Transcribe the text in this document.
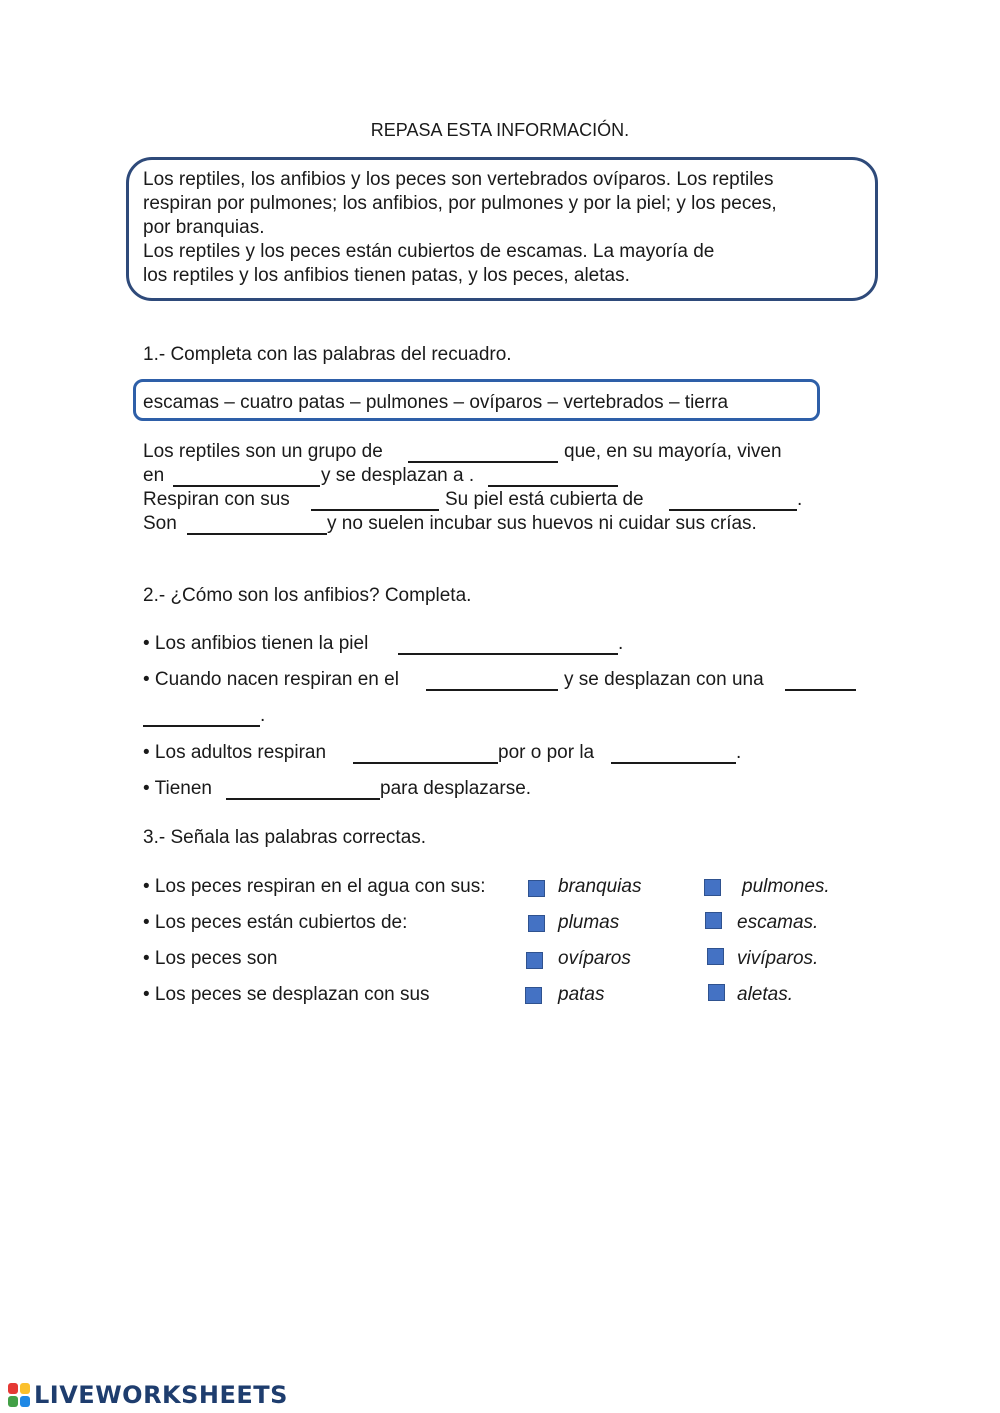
REPASA ESTA INFORMACIÓN.
Los reptiles, los anfibios y los peces son vertebrados ovíparos. Los reptiles
respiran por pulmones; los anfibios, por pulmones y por la piel; y los peces,
por branquias.
Los reptiles y los peces están cubiertos de escamas. La mayoría de
los reptiles y los anfibios tienen patas, y los peces, aletas.
1.- Completa con las palabras del recuadro.
escamas – cuatro patas – pulmones – ovíparos – vertebrados – tierra
Los reptiles son un grupo de	que, en su mayoría, viven
en	y se desplazan a .
Respiran con sus	Su piel está cubierta de	.
Son	y no suelen incubar sus huevos ni cuidar sus crías.
2.- ¿Cómo son los anfibios? Completa.
• Los anfibios tienen la piel	.
• Cuando nacen respiran en el	y se desplazan con una
.
• Los adultos respiran	por o por la	.
• Tienen	para desplazarse.
3.- Señala las palabras correctas.
• Los peces respiran en el agua con sus:	branquias	pulmones.
• Los peces están cubiertos de:	plumas	escamas.
• Los peces son	ovíparos	vivíparos.
• Los peces se desplazan con sus	patas	aletas.
LIVEWORKSHEETS
